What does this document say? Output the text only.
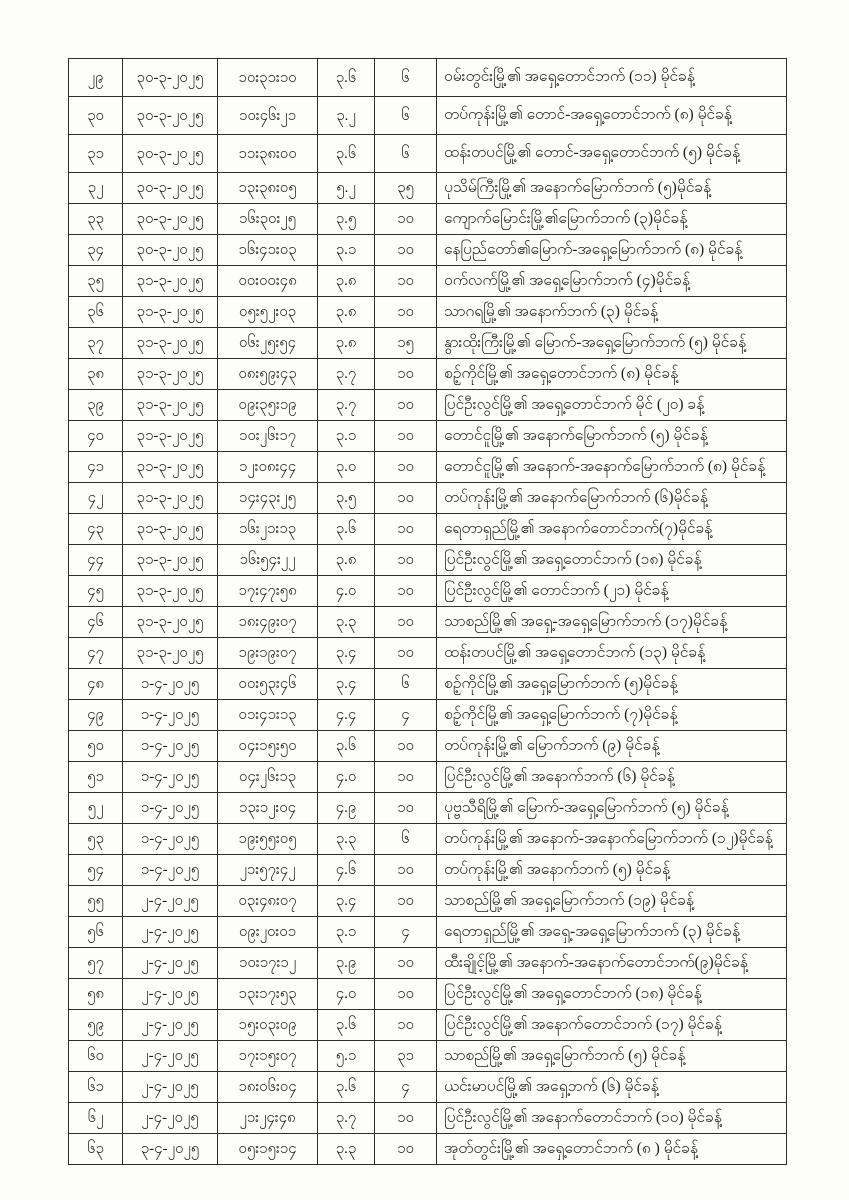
၂၉	၃၀-၃-၂၀၂၅	၁၀း၃၁း၁၀	၃.၆	၆	ဝမ်းတွင်းမြို့၏ အရှေ့တောင်ဘက် (၁၁) မိုင်ခန့်
၃၀	၃၀-၃-၂၀၂၅	၁၀း၄၆း၂၁	၃.၂	၆	တပ်ကုန်းမြို့၏ တောင်-အရှေ့တောင်ဘက် (၈) မိုင်ခန့်
၃၁	၃၀-၃-၂၀၂၅	၁၁း၃၈း၀၀	၃.၆	၆	ထန်းတပင်မြို့၏ တောင်-အရှေ့တောင်ဘက် (၅) မိုင်ခန့်
၃၂	၃၀-၃-၂၀၂၅	၁၃း၃၈း၀၅	၅.၂	၃၅	ပုသိမ်ကြီးမြို့၏ အနောက်မြောက်ဘက် (၅)မိုင်ခန့်
၃၃	၃၀-၃-၂၀၂၅	၁၆း၃၀း၂၅	၃.၅	၁၀	ကျောက်မြောင်းမြို့၏မြောက်ဘက် (၃)မိုင်ခန့်
၃၄	၃၀-၃-၂၀၂၅	၁၆း၄၁း၀၃	၃.၁	၁၀	နေပြည်တော်၏မြောက်-အရှေ့မြောက်ဘက် (၈) မိုင်ခန့်
၃၅	၃၁-၃-၂၀၂၅	၀၀း၀၀း၄၈	၃.၈	၁၀	ဝက်လက်မြို့၏ အရှေ့မြောက်ဘက် (၄)မိုင်ခန့်
၃၆	၃၁-၃-၂၀၂၅	၀၅း၅၂း၀၃	၃.၈	၁၀	သာဂရမြို့၏ အနောက်ဘက် (၃) မိုင်ခန့်
၃၇	၃၁-၃-၂၀၂၅	၀၆း၂၅း၅၄	၃.၈	၁၅	နွားထိုးကြီးမြို့၏ မြောက်-အရှေ့မြောက်ဘက် (၅) မိုင်ခန့်
၃၈	၃၁-၃-၂၀၂၅	၀၈း၅၉း၄၃	၃.၇	၁၀	စဉ့်ကိုင်မြို့၏ အရှေ့တောင်ဘက် (၈) မိုင်ခန့်
၃၉	၃၁-၃-၂၀၂၅	၀၉း၃၅း၁၉	၃.၇	၁၀	ပြင်ဦးလွင်မြို့၏ အရှေ့တောင်ဘက် မိုင် (၂၀) ခန့်
၄၀	၃၁-၃-၂၀၂၅	၁၀း၂၆း၁၇	၃.၁	၁၀	တောင်ငူမြို့၏ အနောက်မြောက်ဘက် (၅) မိုင်ခန့်
၄၁	၃၁-၃-၂၀၂၅	၁၂း၀၈း၄၄	၃.၀	၁၀	တောင်ငူမြို့၏ အနောက်-အနောက်မြောက်ဘက် (၈) မိုင်ခန့်
၄၂	၃၁-၃-၂၀၂၅	၁၄း၄၃း၂၅	၃.၅	၁၀	တပ်ကုန်းမြို့၏ အနောက်မြောက်ဘက် (၆)မိုင်ခန့်
၄၃	၃၁-၃-၂၀၂၅	၁၆း၂၁း၁၃	၃.၆	၁၀	ရေတာရှည်မြို့၏ အနောက်တောင်ဘက်(၇)မိုင်ခန့်
၄၄	၃၁-၃-၂၀၂၅	၁၆း၅၄း၂၂	၃.၈	၁၀	ပြင်ဦးလွင်မြို့၏ အရှေ့တောင်ဘက် (၁၈) မိုင်ခန့်
၄၅	၃၁-၃-၂၀၂၅	၁၇း၄၇း၅၈	၄.၀	၁၀	ပြင်ဦးလွင်မြို့၏ တောင်ဘက် (၂၁) မိုင်ခန့်
၄၆	၃၁-၃-၂၀၂၅	၁၈း၄၉း၀၇	၃.၃	၁၀	သာစည်မြို့၏ အရှေ့-အရှေ့မြောက်ဘက် (၁၇)မိုင်ခန့်
၄၇	၃၁-၃-၂၀၂၅	၁၉း၁၉း၀၇	၃.၄	၁၀	ထန်းတပင်မြို့၏ အရှေ့တောင်ဘက် (၁၃) မိုင်ခန့်
၄၈	၁-၄-၂၀၂၅	၀၀း၅၃း၄၆	၃.၄	၆	စဉ့်ကိုင်မြို့၏ အရှေ့မြောက်ဘက် (၅)မိုင်ခန့်
၄၉	၁-၄-၂၀၂၅	၀၁း၄၁း၁၃	၄.၄	၄	စဉ့်ကိုင်မြို့၏ အရှေ့မြောက်ဘက် (၇)မိုင်ခန့်
၅၀	၁-၄-၂၀၂၅	၀၄း၁၅း၅၀	၃.၆	၁၀	တပ်ကုန်းမြို့၏ မြောက်ဘက် (၉) မိုင်ခန့်
၅၁	၁-၄-၂၀၂၅	၀၄း၂၆း၁၃	၄.၀	၁၀	ပြင်ဦးလွင်မြို့၏ အနောက်ဘက် (၆) မိုင်ခန့်
၅၂	၁-၄-၂၀၂၅	၁၃း၁၂း၀၄	၄.၉	၁၀	ပုဗ္ဗသီရိမြို့၏ မြောက်-အရှေ့မြောက်ဘက် (၅) မိုင်ခန့်
၅၃	၁-၄-၂၀၂၅	၁၉း၅၅း၀၅	၃.၃	၆	တပ်ကုန်းမြို့၏ အနောက်-အနောက်မြောက်ဘက် (၁၂)မိုင်ခန့်
၅၄	၁-၄-၂၀၂၅	၂၁း၅၇း၄၂	၄.၆	၁၀	တပ်ကုန်းမြို့၏ အနောက်ဘက် (၅) မိုင်ခန့်
၅၅	၂-၄-၂၀၂၅	၀၃း၄၈း၀၇	၃.၄	၁၀	သာစည်မြို့၏ အရှေ့မြောက်ဘက် (၁၉) မိုင်ခန့်
၅၆	၂-၄-၂၀၂၅	၀၉း၂၀း၀၁	၃.၁	၄	ရေတာရှည်မြို့၏ အရှေ့-အရှေ့မြောက်ဘက် (၃) မိုင်ခန့်
၅၇	၂-၄-၂၀၂၅	၁၀း၁၇း၁၂	၃.၉	၁၀	ထီးချိုင့်မြို့၏ အနောက်-အနောက်တောင်ဘက်(၉)မိုင်ခန့်
၅၈	၂-၄-၂၀၂၅	၁၃း၁၇း၅၃	၄.၀	၁၀	ပြင်ဦးလွင်မြို့၏ အရှေ့တောင်ဘက် (၁၈) မိုင်ခန့်
၅၉	၂-၄-၂၀၂၅	၁၅း၀၃း၀၉	၃.၆	၁၀	ပြင်ဦးလွင်မြို့၏ အနောက်တောင်ဘက် (၁၇) မိုင်ခန့်
၆၀	၂-၄-၂၀၂၅	၁၇း၁၅း၀၇	၅.၁	၃၁	သာစည်မြို့၏ အရှေ့မြောက်ဘက် (၅) မိုင်ခန့်
၆၁	၂-၄-၂၀၂၅	၁၈း၀၆း၀၄	၃.၆	၄	ယင်းမာပင်မြို့၏ အရှေ့ဘက် (၆) မိုင်ခန့်
၆၂	၂-၄-၂၀၂၅	၂၁း၂၄း၄၈	၃.၇	၁၀	ပြင်ဦးလွင်မြို့၏ အနောက်တောင်ဘက် (၁၀) မိုင်ခန့်
၆၃	၃-၄-၂၀၂၅	၀၅း၁၅း၁၄	၃.၃	၁၀	အုတ်တွင်းမြို့၏ အရှေ့တောင်ဘက် (၈ ) မိုင်ခန့်
